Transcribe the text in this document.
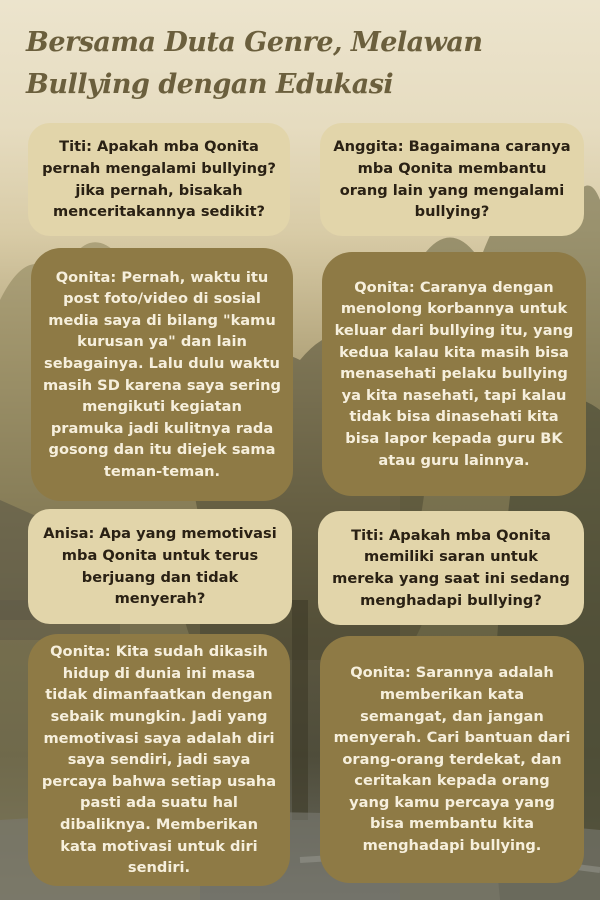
Bersama Duta Genre, Melawan
Bullying dengan Edukasi
Titi: Apakah mba Qonita
pernah mengalami bullying?
jika pernah, bisakah
menceritakannya sedikit?
Anggita: Bagaimana caranya
mba Qonita membantu
orang lain yang mengalami
bullying?
Qonita: Pernah, waktu itu
post foto/video di sosial
media saya di bilang "kamu
kurusan ya" dan lain
sebagainya. Lalu dulu waktu
masih SD karena saya sering
mengikuti kegiatan
pramuka jadi kulitnya rada
gosong dan itu diejek sama
teman-teman.
Qonita: Caranya dengan
menolong korbannya untuk
keluar dari bullying itu, yang
kedua kalau kita masih bisa
menasehati pelaku bullying
ya kita nasehati, tapi kalau
tidak bisa dinasehati kita
bisa lapor kepada guru BK
atau guru lainnya.
Anisa: Apa yang memotivasi
mba Qonita untuk terus
berjuang dan tidak
menyerah?
Titi: Apakah mba Qonita
memiliki saran untuk
mereka yang saat ini sedang
menghadapi bullying?
Qonita: Kita sudah dikasih
hidup di dunia ini masa
tidak dimanfaatkan dengan
sebaik mungkin. Jadi yang
memotivasi saya adalah diri
saya sendiri, jadi saya
percaya bahwa setiap usaha
pasti ada suatu hal
dibaliknya. Memberikan
kata motivasi untuk diri
sendiri.
Qonita: Sarannya adalah
memberikan kata
semangat, dan jangan
menyerah. Cari bantuan dari
orang-orang terdekat, dan
ceritakan kepada orang
yang kamu percaya yang
bisa membantu kita
menghadapi bullying.
